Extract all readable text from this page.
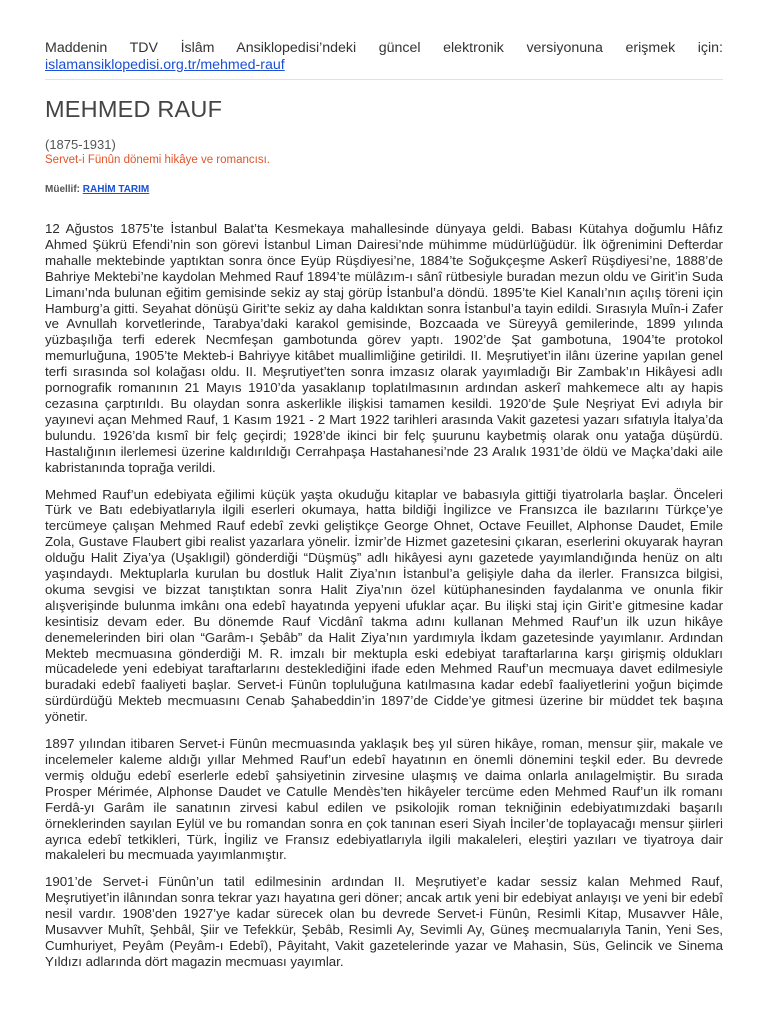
Maddenin TDV İslâm Ansiklopedisi’ndeki güncel elektronik versiyonuna erişmek için:
islamansiklopedisi.org.tr/mehmed-rauf
MEHMED RAUF
(1875-1931)
Servet-i Fünûn dönemi hikâye ve romancısı.
Müellif: RAHİM TARIM

12 Ağustos 1875’te İstanbul Balat’ta Kesmekaya mahallesinde dünyaya geldi. Babası Kütahya doğumlu Hâfız Ahmed Şükrü Efendi’nin son görevi İstanbul Liman Dairesi’nde mühimme müdürlüğüdür. İlk öğrenimini Defterdar mahalle mektebinde yaptıktan sonra önce Eyüp Rüşdiyesi’ne, 1884’te Soğukçeşme Askerî Rüşdiyesi’ne, 1888’de Bahriye Mektebi’ne kaydolan Mehmed Rauf 1894’te mülâzım-ı sânî rütbesiyle buradan mezun oldu ve Girit’in Suda Limanı’nda bulunan eğitim gemisinde sekiz ay staj görüp İstanbul’a döndü. 1895’te Kiel Kanalı’nın açılış töreni için Hamburg’a gitti. Seyahat dönüşü Girit’te sekiz ay daha kaldıktan sonra İstanbul’a tayin edildi. Sırasıyla Muîn-i Zafer ve Avnullah korvetlerinde, Tarabya’daki karakol gemisinde, Bozcaada ve Süreyyâ gemilerinde, 1899 yılında yüzbaşılığa terfi ederek Necmfeşan gambotunda görev yaptı. 1902’de Şat gambotuna, 1904’te protokol memurluğuna, 1905’te Mekteb-i Bahriyye kitâbet muallimliğine getirildi. II. Meşrutiyet’in ilânı üzerine yapılan genel terfi sırasında sol kolağası oldu. II. Meşrutiyet’ten sonra imzasız olarak yayımladığı Bir Zambak’ın Hikâyesi adlı pornografik romanının 21 Mayıs 1910’da yasaklanıp toplatılmasının ardından askerî mahkemece altı ay hapis cezasına çarptırıldı. Bu olaydan sonra askerlikle ilişkisi tamamen kesildi. 1920’de Şule Neşriyat Evi adıyla bir yayınevi açan Mehmed Rauf, 1 Kasım 1921 - 2 Mart 1922 tarihleri arasında Vakit gazetesi yazarı sıfatıyla İtalya’da bulundu. 1926’da kısmî bir felç geçirdi; 1928’de ikinci bir felç şuurunu kaybetmiş olarak onu yatağa düşürdü. Hastalığının ilerlemesi üzerine kaldırıldığı Cerrahpaşa Hastahanesi’nde 23 Aralık 1931’de öldü ve Maçka’daki aile kabristanında toprağa verildi.

Mehmed Rauf’un edebiyata eğilimi küçük yaşta okuduğu kitaplar ve babasıyla gittiği tiyatrolarla başlar. Önceleri Türk ve Batı edebiyatlarıyla ilgili eserleri okumaya, hatta bildiği İngilizce ve Fransızca ile bazılarını Türkçe’ye tercümeye çalışan Mehmed Rauf edebî zevki geliştikçe George Ohnet, Octave Feuillet, Alphonse Daudet, Emile Zola, Gustave Flaubert gibi realist yazarlara yönelir. İzmir’de Hizmet gazetesini çıkaran, eserlerini okuyarak hayran olduğu Halit Ziya’ya (Uşaklıgil) gönderdiği “Düşmüş” adlı hikâyesi aynı gazetede yayımlandığında henüz on altı yaşındaydı. Mektuplarla kurulan bu dostluk Halit Ziya’nın İstanbul’a gelişiyle daha da ilerler. Fransızca bilgisi, okuma sevgisi ve bizzat tanıştıktan sonra Halit Ziya’nın özel kütüphanesinden faydalanma ve onunla fikir alışverişinde bulunma imkânı ona edebî hayatında yepyeni ufuklar açar. Bu ilişki staj için Girit’e gitmesine kadar kesintisiz devam eder. Bu dönemde Rauf Vicdânî takma adını kullanan Mehmed Rauf’un ilk uzun hikâye denemelerinden biri olan “Garâm-ı Şebâb” da Halit Ziya’nın yardımıyla İkdam gazetesinde yayımlanır. Ardından Mekteb mecmuasına gönderdiği M. R. imzalı bir mektupla eski edebiyat taraftarlarına karşı girişmiş oldukları mücadelede yeni edebiyat taraftarlarını desteklediğini ifade eden Mehmed Rauf’un mecmuaya davet edilmesiyle buradaki edebî faaliyeti başlar. Servet-i Fünûn topluluğuna katılmasına kadar edebî faaliyetlerini yoğun biçimde sürdürdüğü Mekteb mecmuasını Cenab Şahabeddin’in 1897’de Cidde’ye gitmesi üzerine bir müddet tek başına yönetir.

1897 yılından itibaren Servet-i Fünûn mecmuasında yaklaşık beş yıl süren hikâye, roman, mensur şiir, makale ve incelemeler kaleme aldığı yıllar Mehmed Rauf’un edebî hayatının en önemli dönemini teşkil eder. Bu devrede vermiş olduğu edebî eserlerle edebî şahsiyetinin zirvesine ulaşmış ve daima onlarla anılagelmiştir. Bu sırada Prosper Mérimée, Alphonse Daudet ve Catulle Mendès’ten hikâyeler tercüme eden Mehmed Rauf’un ilk romanı Ferdâ-yı Garâm ile sanatının zirvesi kabul edilen ve psikolojik roman tekniğinin edebiyatımızdaki başarılı örneklerinden sayılan Eylül ve bu romandan sonra en çok tanınan eseri Siyah İnciler’de toplayacağı mensur şiirleri ayrıca edebî tetkikleri, Türk, İngiliz ve Fransız edebiyatlarıyla ilgili makaleleri, eleştiri yazıları ve tiyatroya dair makaleleri bu mecmuada yayımlanmıştır.

1901’de Servet-i Fünûn’un tatil edilmesinin ardından II. Meşrutiyet’e kadar sessiz kalan Mehmed Rauf, Meşrutiyet’in ilânından sonra tekrar yazı hayatına geri döner; ancak artık yeni bir edebiyat anlayışı ve yeni bir edebî nesil vardır. 1908’den 1927’ye kadar sürecek olan bu devrede Servet-i Fünûn, Resimli Kitap, Musavver Hâle, Musavver Muhît, Şehbâl, Şiir ve Tefekkür, Şebâb, Resimli Ay, Sevimli Ay, Güneş mecmualarıyla Tanin, Yeni Ses, Cumhuriyet, Peyâm (Peyâm-ı Edebî), Pâyitaht, Vakit gazetelerinde yazar ve Mahasin, Süs, Gelincik ve Sinema Yıldızı adlarında dört magazin mecmuası yayımlar.
